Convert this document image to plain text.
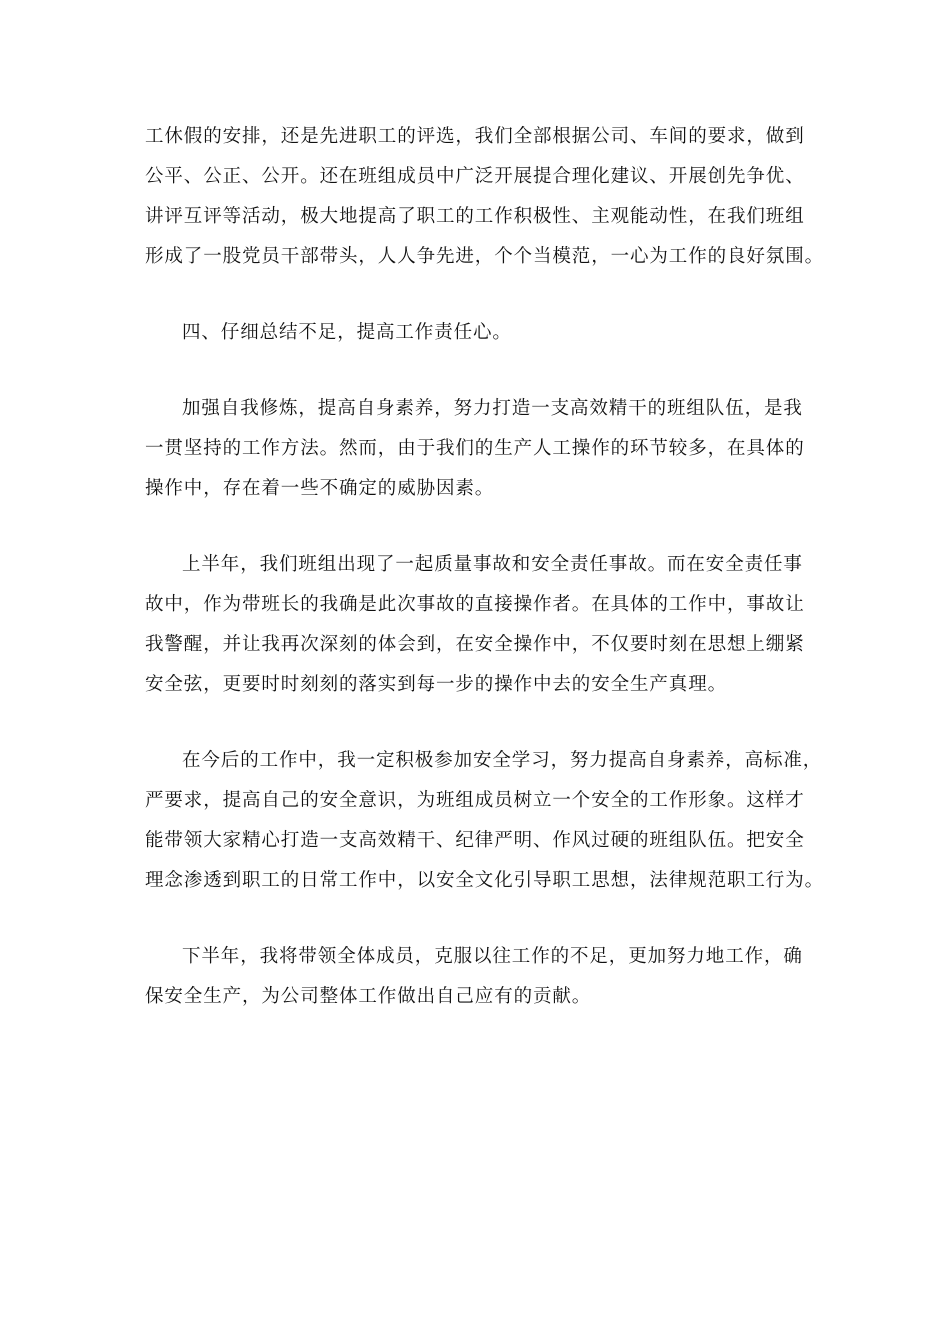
工休假的安排，还是先进职工的评选，我们全部根据公司、车间的要求，做到
公平、公正、公开。还在班组成员中广泛开展提合理化建议、开展创先争优、
讲评互评等活动，极大地提高了职工的工作积极性、主观能动性，在我们班组
形成了一股党员干部带头，人人争先进，个个当模范，一心为工作的良好氛围。

四、仔细总结不足，提高工作责任心。

加强自我修炼，提高自身素养，努力打造一支高效精干的班组队伍，是我
一贯坚持的工作方法。然而，由于我们的生产人工操作的环节较多，在具体的
操作中，存在着一些不确定的威胁因素。

上半年，我们班组出现了一起质量事故和安全责任事故。而在安全责任事
故中，作为带班长的我确是此次事故的直接操作者。在具体的工作中，事故让
我警醒，并让我再次深刻的体会到，在安全操作中，不仅要时刻在思想上绷紧
安全弦，更要时时刻刻的落实到每一步的操作中去的安全生产真理。

在今后的工作中，我一定积极参加安全学习，努力提高自身素养，高标准，
严要求，提高自己的安全意识，为班组成员树立一个安全的工作形象。这样才
能带领大家精心打造一支高效精干、纪律严明、作风过硬的班组队伍。把安全
理念渗透到职工的日常工作中，以安全文化引导职工思想，法律规范职工行为。

下半年，我将带领全体成员，克服以往工作的不足，更加努力地工作，确
保安全生产，为公司整体工作做出自己应有的贡献。
